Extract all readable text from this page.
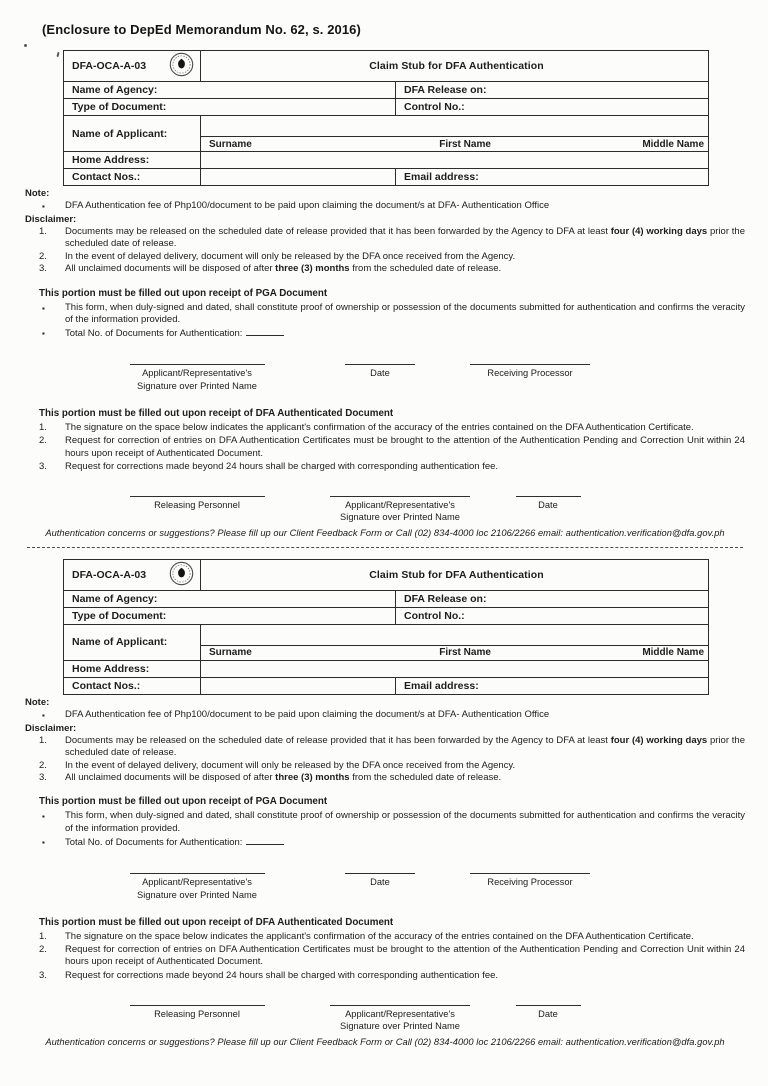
(Enclosure to DepEd Memorandum No. 62, s. 2016)
DFA-OCA-A-03	Claim Stub for DFA Authentication	
Name of Agency:		DFA Release on:
Type of Document:		Control No.:
Name of Applicant:		

	Surname First Name Middle Name	

Home Address:		
Contact Nos.:		Email address:
Note:
▪	DFA Authentication fee of Php100/document to be paid upon claiming the document/s at DFA- Authentication Office
Disclaimer:
1.	Documents may be released on the scheduled date of release provided that it has been forwarded by the Agency to DFA at least four (4) working days prior the scheduled date of release.
2.	In the event of delayed delivery, document will only be released by the DFA once received from the Agency.
3.	All unclaimed documents will be disposed of after three (3) months from the scheduled date of release.
This portion must be filled out upon receipt of PGA Document
▪	This form, when duly-signed and dated, shall constitute proof of ownership or possession of the documents submitted for authentication and confirms the veracity of the information provided.
▪	Total No. of Documents for Authentication:
Applicant/Representative's
Signature over Printed Name
Date	Receiving Processor
This portion must be filled out upon receipt of DFA Authenticated Document
1.	The signature on the space below indicates the applicant's confirmation of the accuracy of the entries contained on the DFA Authentication Certificate.
2.	Request for correction of entries on DFA Authentication Certificates must be brought to the attention of the Authentication Pending and Correction Unit within 24 hours upon receipt of Authenticated Document.
3.	Request for corrections made beyond 24 hours shall be charged with corresponding authentication fee.
Releasing Personnel	Applicant/Representative's
Signature over Printed Name
Date
Authentication concerns or suggestions? Please fill up our Client Feedback Form or Call (02) 834-4000 loc 2106/2266 email: authentication.verification@dfa.gov.ph
DFA-OCA-A-03	Claim Stub for DFA Authentication	
Name of Agency:		DFA Release on:
Type of Document:		Control No.:
Name of Applicant:		

	Surname First Name Middle Name	

Home Address:		
Contact Nos.:		Email address:
Note:
▪	DFA Authentication fee of Php100/document to be paid upon claiming the document/s at DFA- Authentication Office
Disclaimer:
1.	Documents may be released on the scheduled date of release provided that it has been forwarded by the Agency to DFA at least four (4) working days prior the scheduled date of release.
2.	In the event of delayed delivery, document will only be released by the DFA once received from the Agency.
3.	All unclaimed documents will be disposed of after three (3) months from the scheduled date of release.
This portion must be filled out upon receipt of PGA Document
▪	This form, when duly-signed and dated, shall constitute proof of ownership or possession of the documents submitted for authentication and confirms the veracity of the information provided.
▪	Total No. of Documents for Authentication:
Applicant/Representative's
Signature over Printed Name
Date	Receiving Processor
This portion must be filled out upon receipt of DFA Authenticated Document
1.	The signature on the space below indicates the applicant's confirmation of the accuracy of the entries contained on the DFA Authentication Certificate.
2.	Request for correction of entries on DFA Authentication Certificates must be brought to the attention of the Authentication Pending and Correction Unit within 24 hours upon receipt of Authenticated Document.
3.	Request for corrections made beyond 24 hours shall be charged with corresponding authentication fee.
Releasing Personnel	Applicant/Representative's
Signature over Printed Name
Date
Authentication concerns or suggestions? Please fill up our Client Feedback Form or Call (02) 834-4000 loc 2106/2266 email: authentication.verification@dfa.gov.ph
